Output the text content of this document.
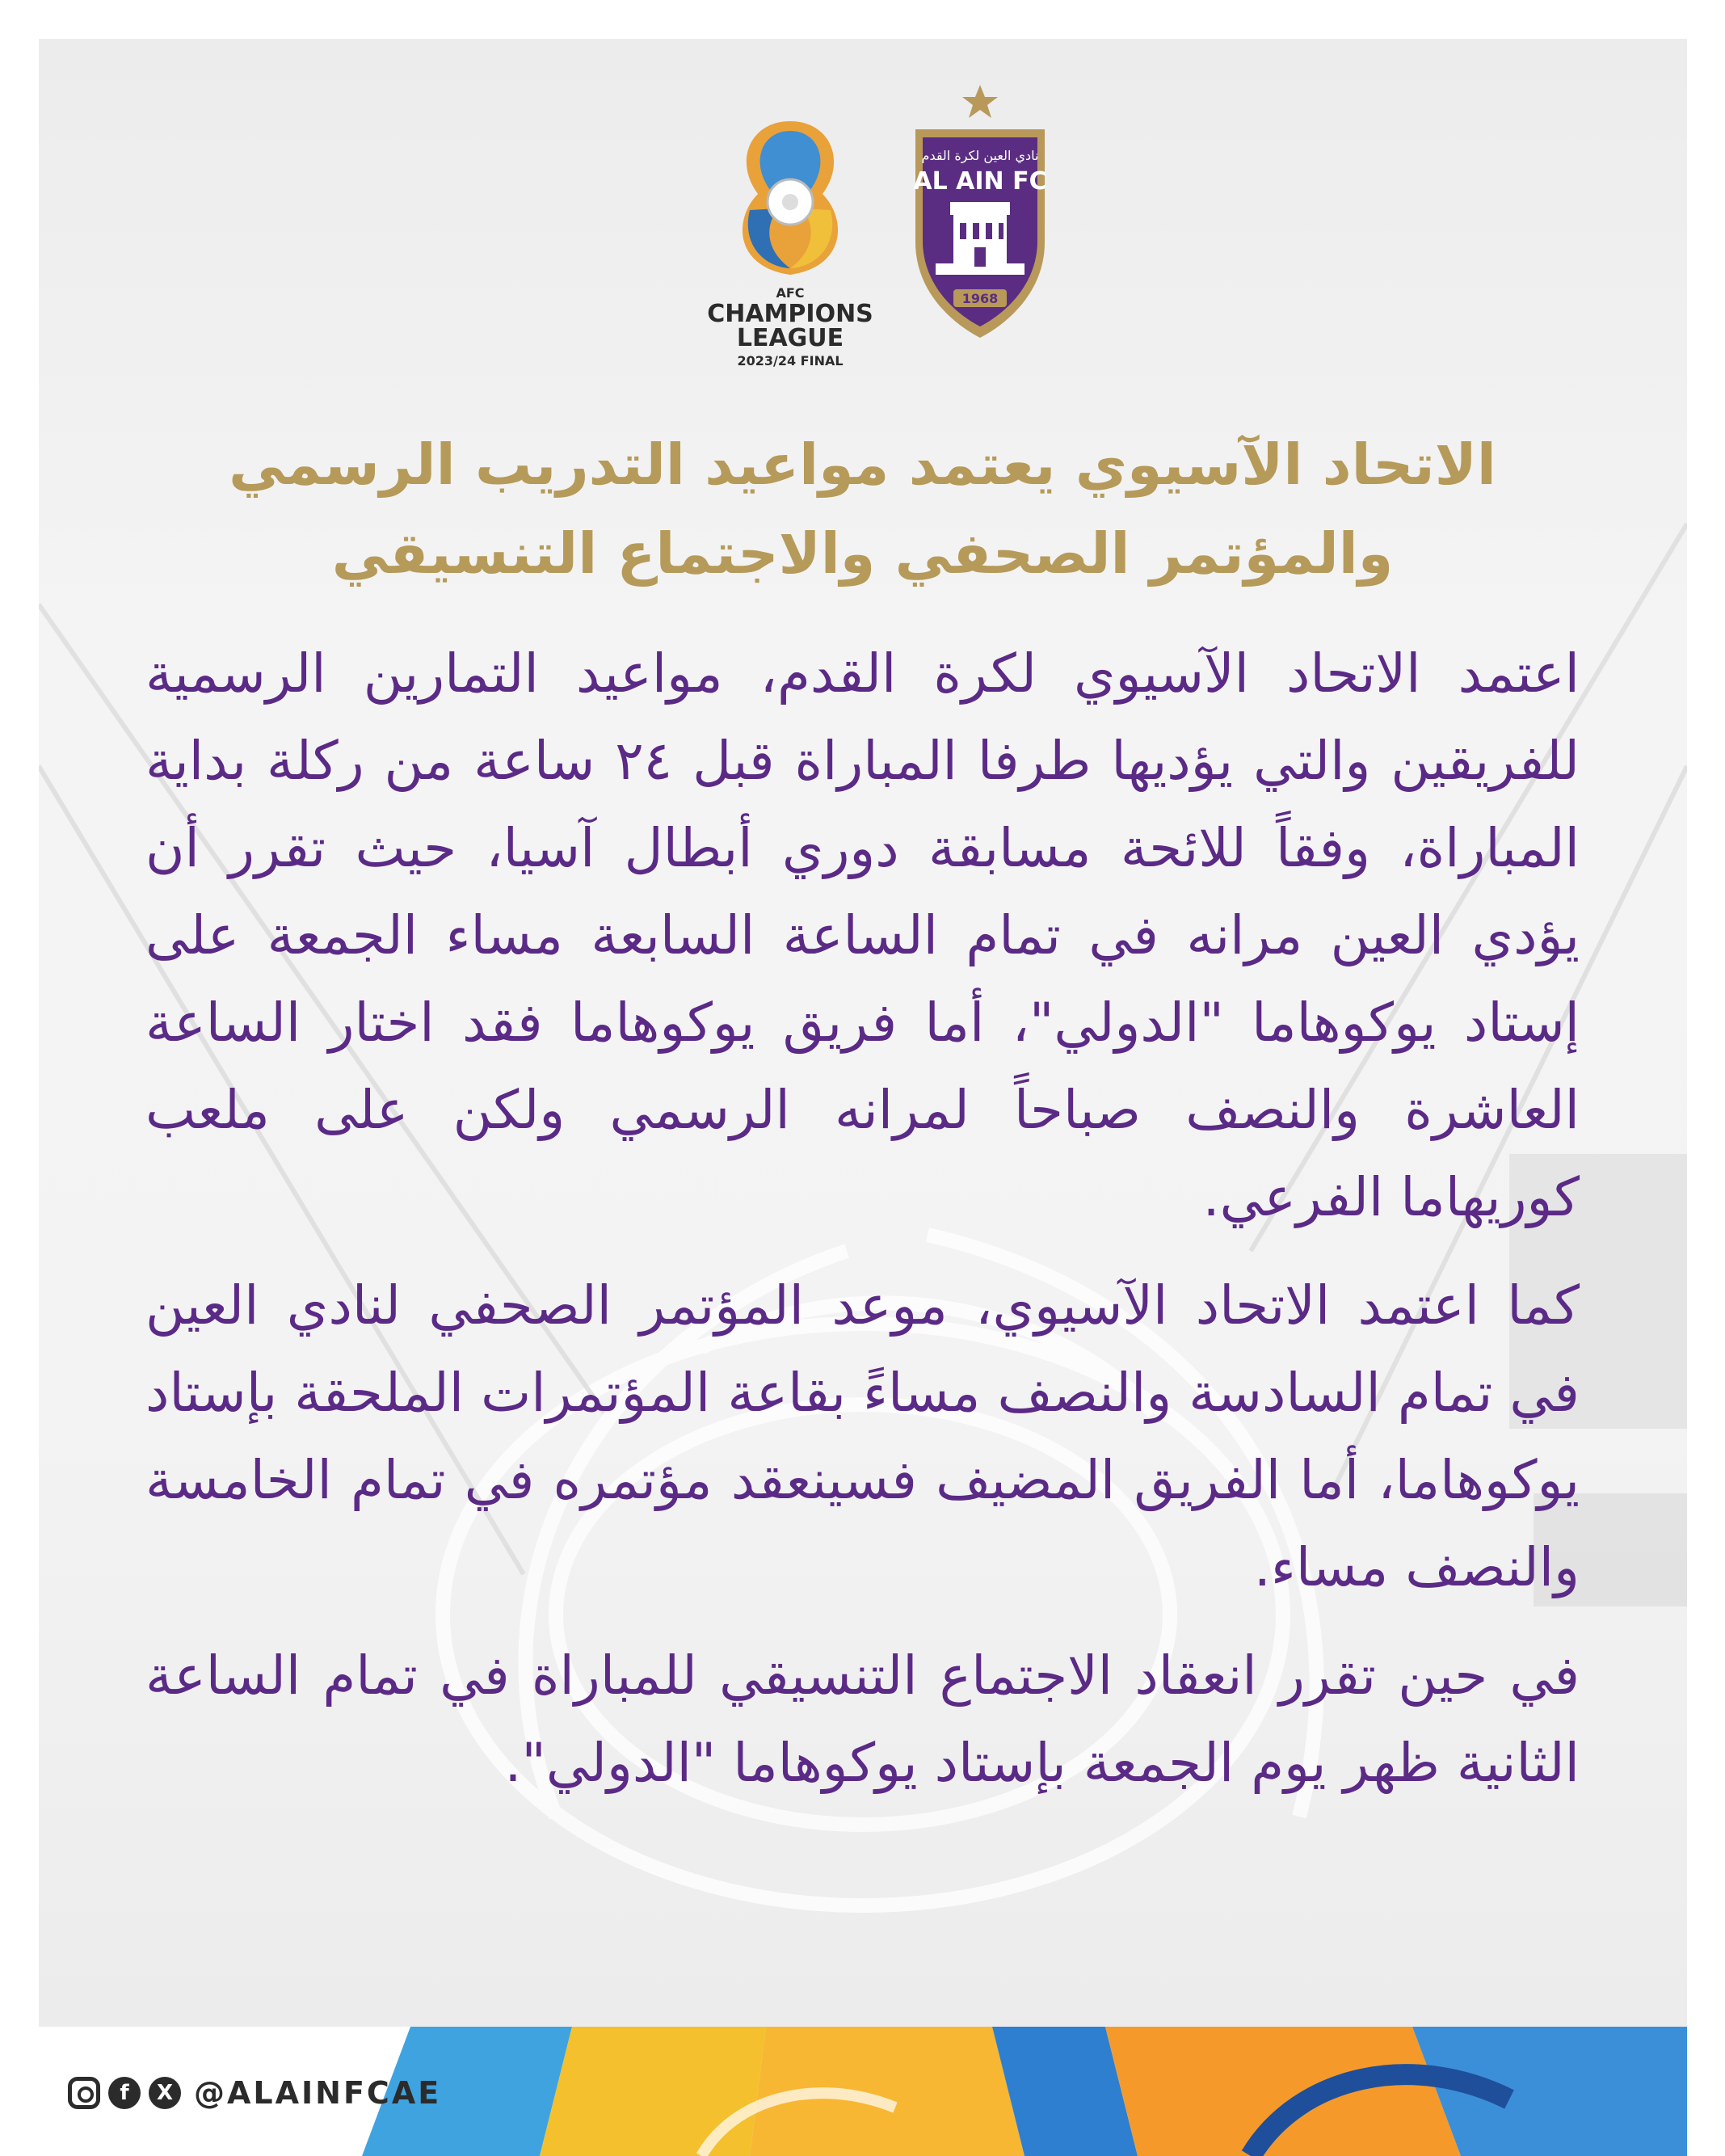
AFC
CHAMPIONS
LEAGUE
2023/24 FINAL
نادي العين لكرة القدم
AL AIN FC
1968
الاتحاد الآسيوي يعتمد مواعيد التدريب الرسمي
والمؤتمر الصحفي والاجتماع التنسيقي

اعتمد الاتحاد الآسيوي لكرة القدم، مواعيد التمارين الرسمية للفريقين والتي يؤديها طرفا المباراة قبل ٢٤ ساعة من ركلة بداية المباراة، وفقاً للائحة مسابقة دوري أبطال آسيا، حيث تقرر أن يؤدي العين مرانه في تمام الساعة السابعة مساء الجمعة على إستاد يوكوهاما "الدولي"، أما فريق يوكوهاما فقد اختار الساعة العاشرة والنصف صباحاً لمرانه الرسمي ولكن على ملعب كوريهاما الفرعي.

كما اعتمد الاتحاد الآسيوي، موعد المؤتمر الصحفي لنادي العين في تمام السادسة والنصف مساءً بقاعة المؤتمرات الملحقة بإستاد يوكوهاما، أما الفريق المضيف فسينعقد مؤتمره في تمام الخامسة والنصف مساء.

في حين تقرر انعقاد الاجتماع التنسيقي للمباراة في تمام الساعة الثانية ظهر يوم الجمعة بإستاد يوكوهاما "الدولي".

f	X @ALAINFCAE
